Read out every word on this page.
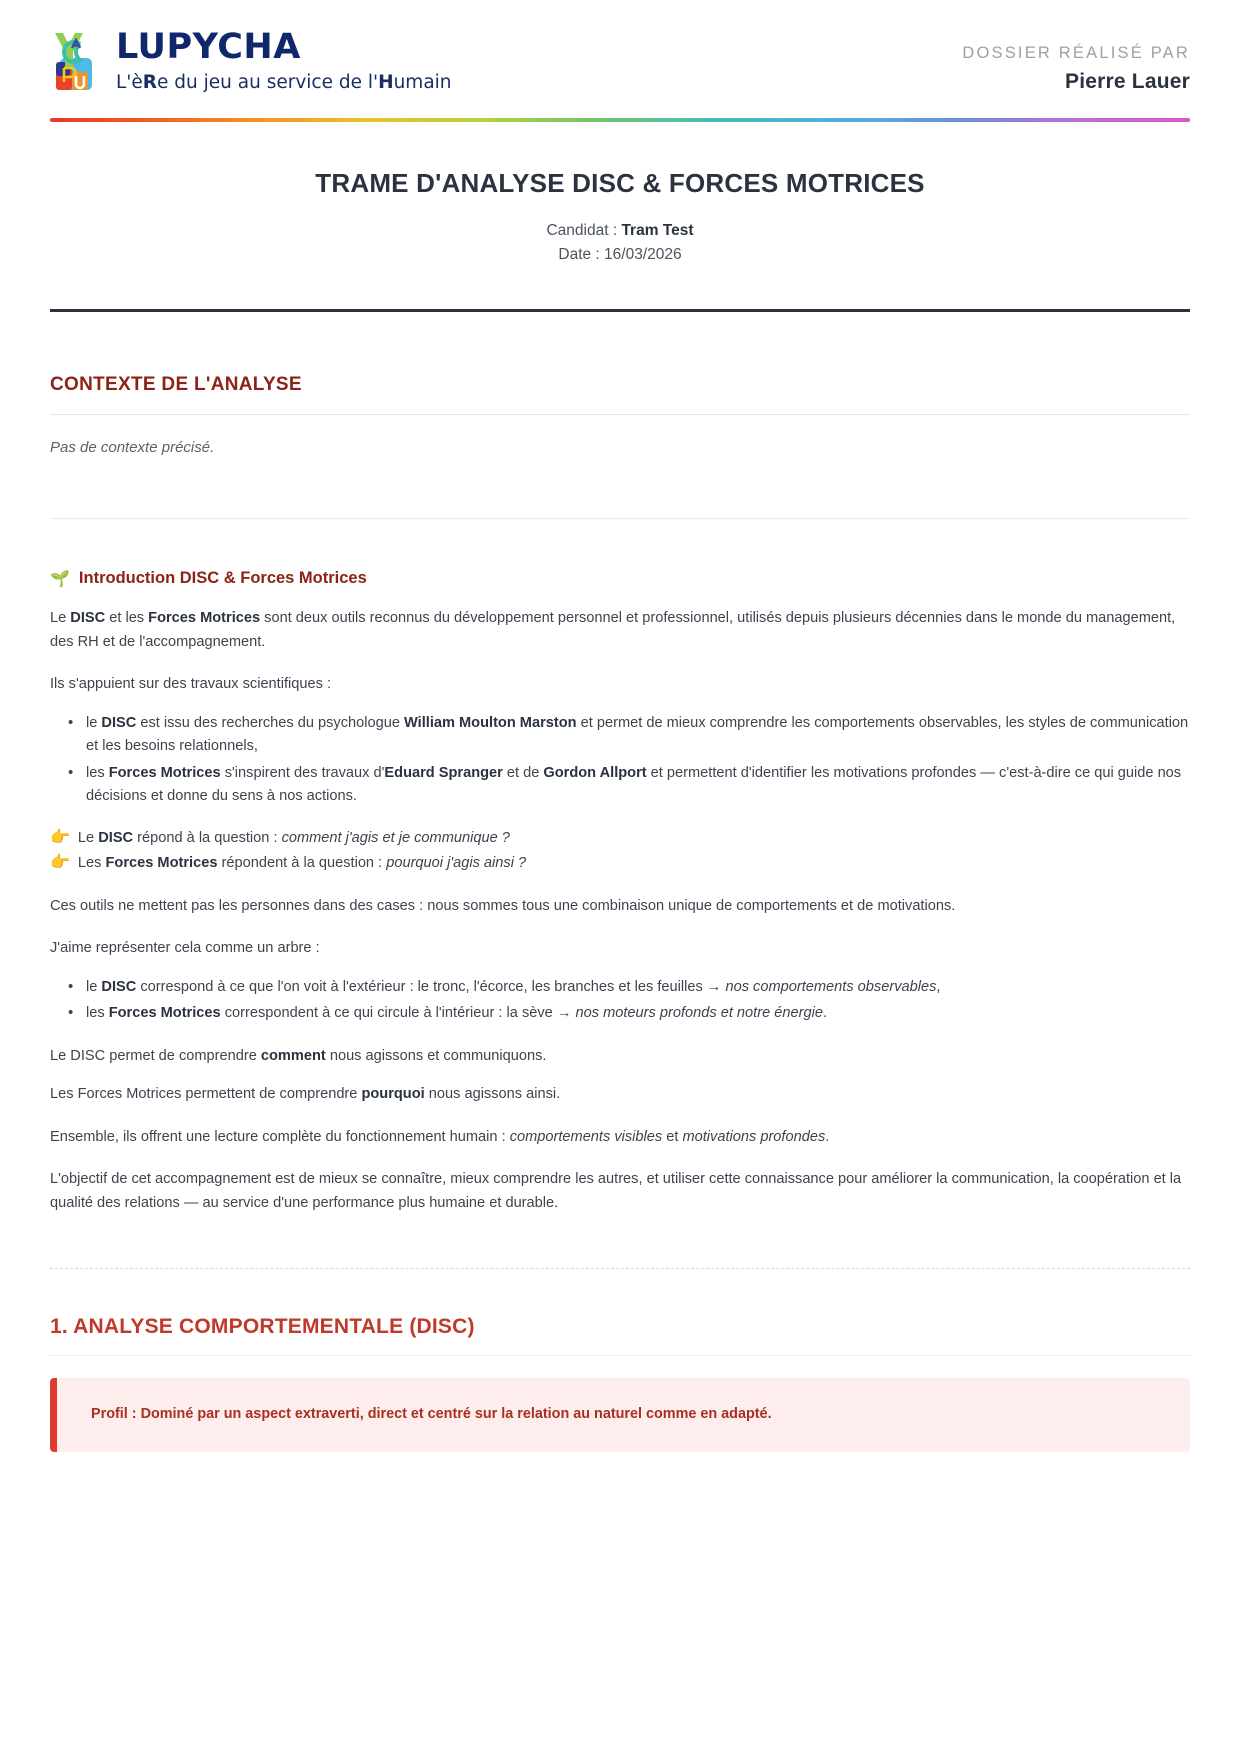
LUPYCHA
L'èRe du jeu au service de l'Humain
DOSSIER RÉALISÉ PAR
Pierre Lauer
TRAME D'ANALYSE DISC & FORCES MOTRICES
Candidat : Tram Test
Date : 16/03/2026
CONTEXTE DE L'ANALYSE
Pas de contexte précisé.
🌱 Introduction DISC & Forces Motrices

Le DISC et les Forces Motrices sont deux outils reconnus du développement personnel et professionnel, utilisés depuis plusieurs décennies dans le monde du management, des RH et de l'accompagnement.

Ils s'appuient sur des travaux scientifiques :

• le DISC est issu des recherches du psychologue William Moulton Marston et permet de mieux comprendre les comportements observables, les styles de communication et les besoins relationnels,
• les Forces Motrices s'inspirent des travaux d'Eduard Spranger et de Gordon Allport et permettent d'identifier les motivations profondes — c'est-à-dire ce qui guide nos décisions et donne du sens à nos actions.
👉 Le DISC répond à la question : comment j'agis et je communique ?
👉 Les Forces Motrices répondent à la question : pourquoi j'agis ainsi ?

Ces outils ne mettent pas les personnes dans des cases : nous sommes tous une combinaison unique de comportements et de motivations.

J'aime représenter cela comme un arbre :

• le DISC correspond à ce que l'on voit à l'extérieur : le tronc, l'écorce, les branches et les feuilles → nos comportements observables,
• les Forces Motrices correspondent à ce qui circule à l'intérieur : la sève → nos moteurs profonds et notre énergie.

Le DISC permet de comprendre comment nous agissons et communiquons.

Les Forces Motrices permettent de comprendre pourquoi nous agissons ainsi.

Ensemble, ils offrent une lecture complète du fonctionnement humain : comportements visibles et motivations profondes.

L'objectif de cet accompagnement est de mieux se connaître, mieux comprendre les autres, et utiliser cette connaissance pour améliorer la communication, la coopération et la qualité des relations — au service d'une performance plus humaine et durable.

1. ANALYSE COMPORTEMENTALE (DISC)
Profil : Dominé par un aspect extraverti, direct et centré sur la relation au naturel comme en adapté.
